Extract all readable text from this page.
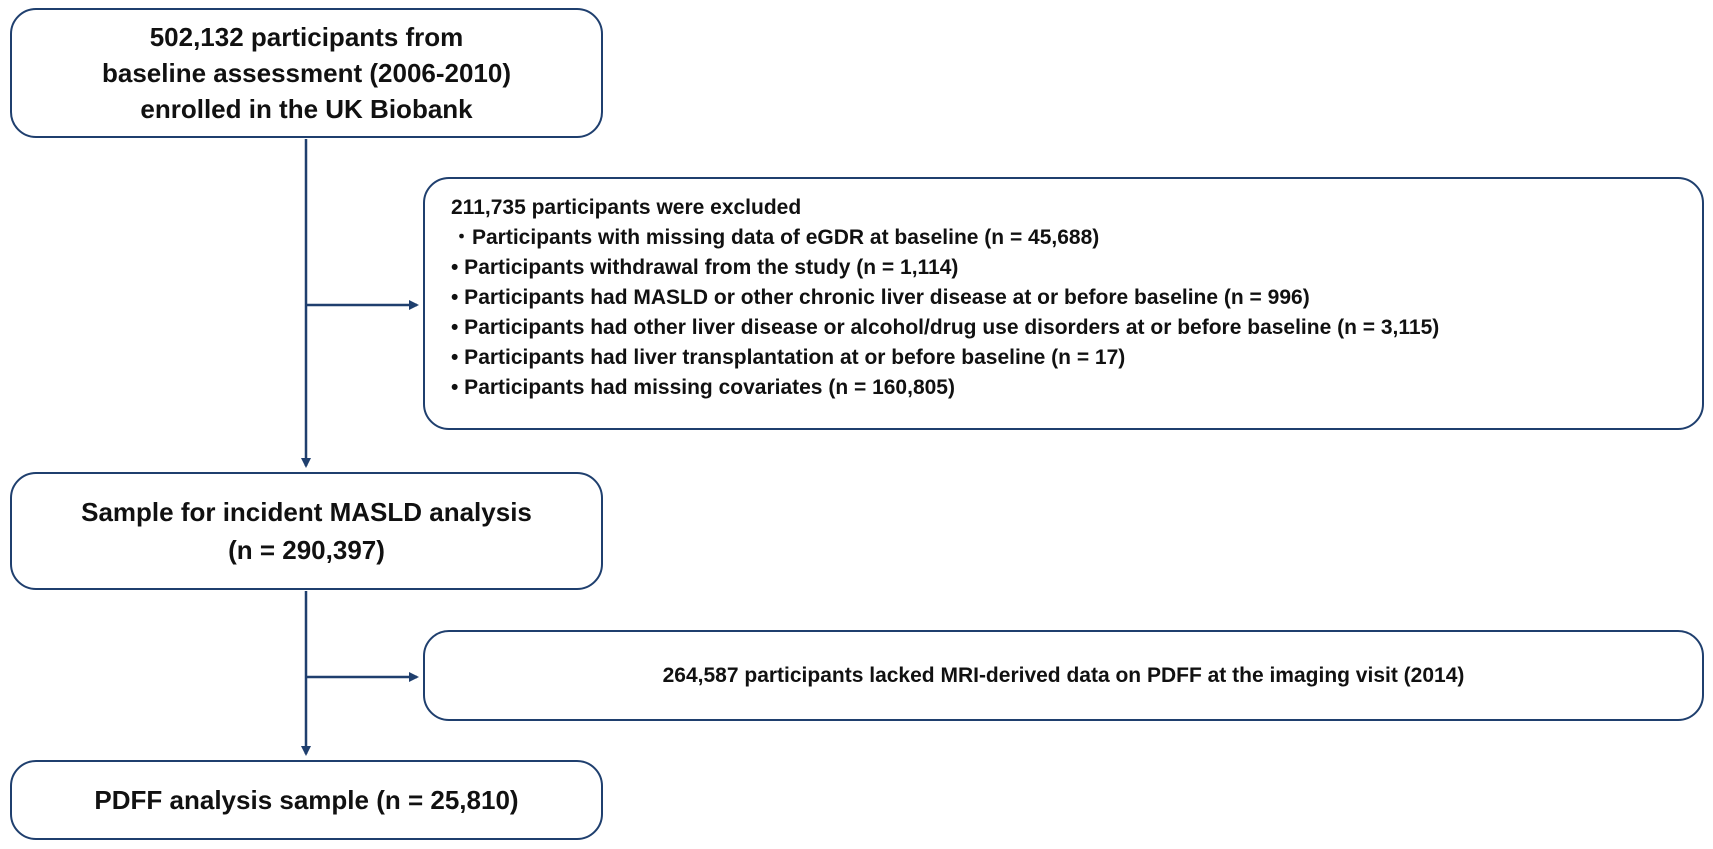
502,132 participants from

baseline assessment (2006-2010)

enrolled in the UK Biobank

211,735 participants were excluded

・Participants with missing data of eGDR at baseline (n = 45,688)

• Participants withdrawal from the study (n = 1,114)

• Participants had MASLD or other chronic liver disease at or before baseline (n = 996)

• Participants had other liver disease or alcohol/drug use disorders at or before baseline (n = 3,115)

• Participants had liver transplantation at or before baseline (n = 17)

• Participants had missing covariates (n = 160,805)

Sample for incident MASLD analysis

(n = 290,397)

264,587 participants lacked MRI-derived data on PDFF at the imaging visit (2014)

PDFF analysis sample (n = 25,810)
